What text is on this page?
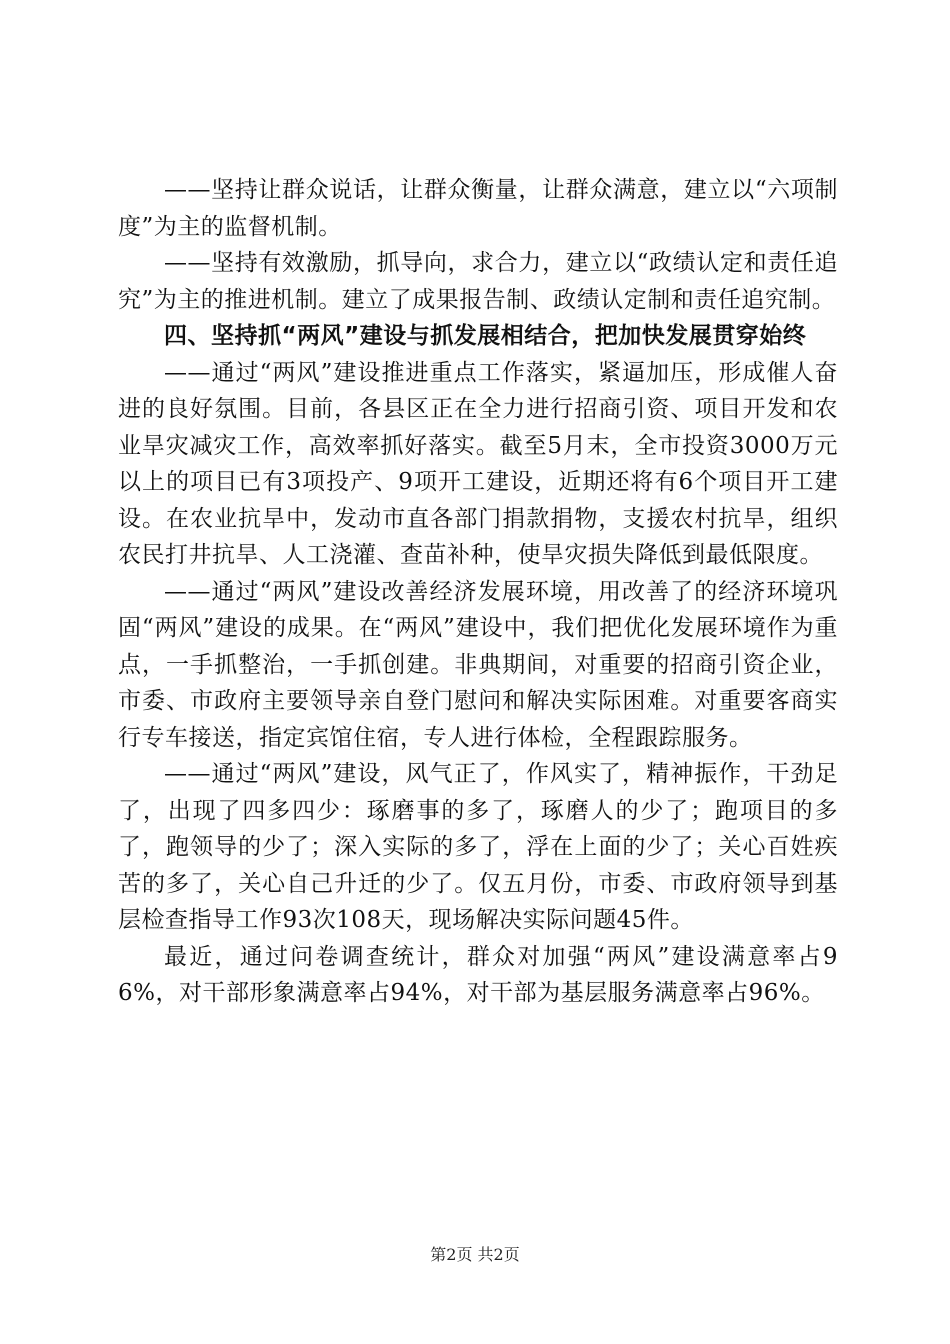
——坚持让群众说话，让群众衡量，让群众满意，建立以“六项制度”为主的监督机制。

——坚持有效激励，抓导向，求合力，建立以“政绩认定和责任追究”为主的推进机制。建立了成果报告制、政绩认定制和责任追究制。

四、坚持抓“两风”建设与抓发展相结合，把加快发展贯穿始终

——通过“两风”建设推进重点工作落实，紧逼加压，形成催人奋进的良好氛围。目前，各县区正在全力进行招商引资、项目开发和农业旱灾减灾工作，高效率抓好落实。截至5月末，全市投资3000万元以上的项目已有3项投产、9项开工建设，近期还将有6个项目开工建设。在农业抗旱中，发动市直各部门捐款捐物，支援农村抗旱，组织农民打井抗旱、人工浇灌、查苗补种，使旱灾损失降低到最低限度。

——通过“两风”建设改善经济发展环境，用改善了的经济环境巩固“两风”建设的成果。在“两风”建设中，我们把优化发展环境作为重点，一手抓整治，一手抓创建。非典期间，对重要的招商引资企业，市委、市政府主要领导亲自登门慰问和解决实际困难。对重要客商实行专车接送，指定宾馆住宿，专人进行体检，全程跟踪服务。

——通过“两风”建设，风气正了，作风实了，精神振作，干劲足了，出现了四多四少：琢磨事的多了，琢磨人的少了；跑项目的多了，跑领导的少了；深入实际的多了，浮在上面的少了；关心百姓疾苦的多了，关心自己升迁的少了。仅五月份，市委、市政府领导到基层检查指导工作93次108天，现场解决实际问题45件。

最近，通过问卷调查统计，群众对加强“两风”建设满意率占96%，对干部形象满意率占94%，对干部为基层服务满意率占96%。

第2页 共2页
